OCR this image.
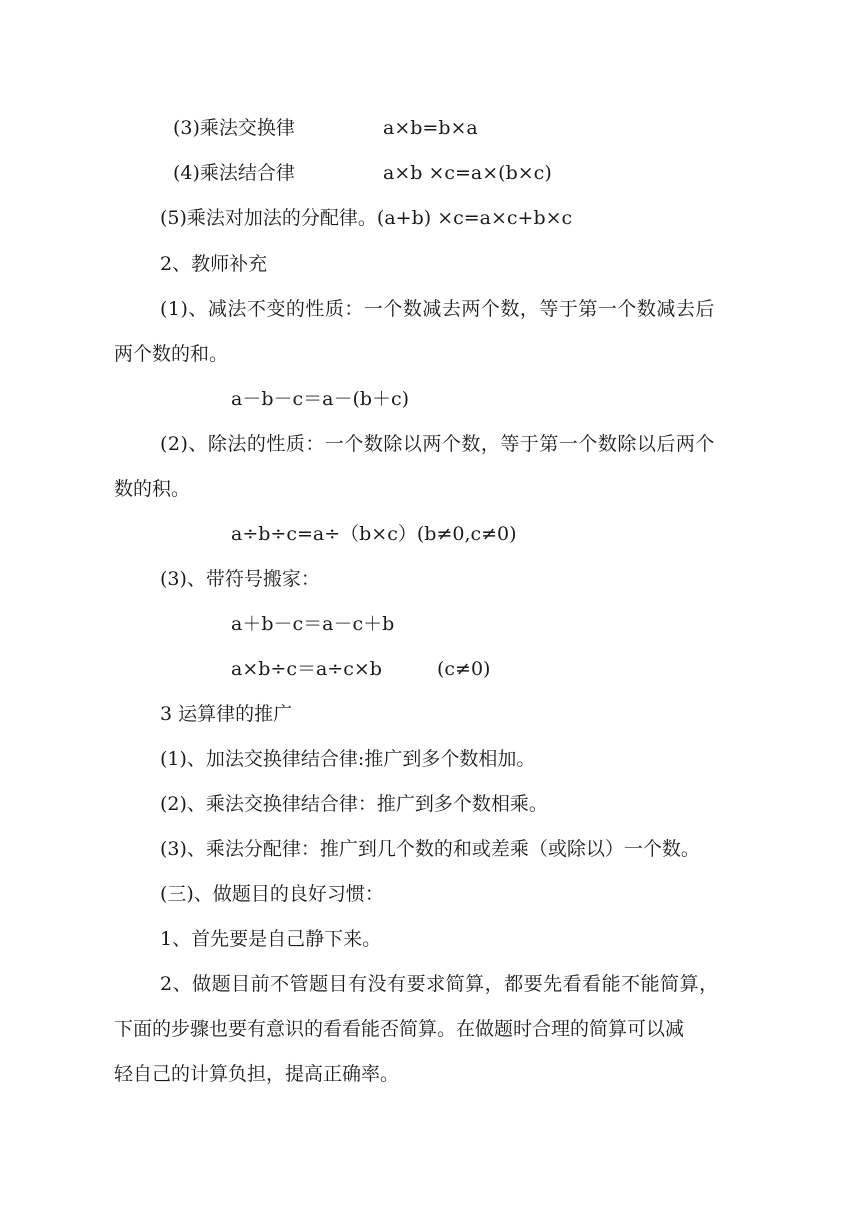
(3)乘法交换律	a×b=b×a
(4)乘法结合律	a×b ×c=a×(b×c)
(5)乘法对加法的分配律。(a+b) ×c=a×c+b×c
2、教师补充
(1)、减法不变的性质：一个数减去两个数，等于第一个数减去后
两个数的和。
a－b－c＝a－(b＋c)
(2)、除法的性质：一个数除以两个数，等于第一个数除以后两个
数的积。
a÷b÷c=a÷（b×c）(b≠0,c≠0)
(3)、带符号搬家：
a＋b－c＝a－c＋b
a×b÷c＝a÷c×b	(c≠0)
3 运算律的推广
(1)、加法交换律结合律:推广到多个数相加。
(2)、乘法交换律结合律：推广到多个数相乘。
(3)、乘法分配律：推广到几个数的和或差乘（或除以）一个数。
(三)、做题目的良好习惯：
1、首先要是自己静下来。
2、做题目前不管题目有没有要求简算，都要先看看能不能简算，
下面的步骤也要有意识的看看能否简算。在做题时合理的简算可以减
轻自己的计算负担，提高正确率。
